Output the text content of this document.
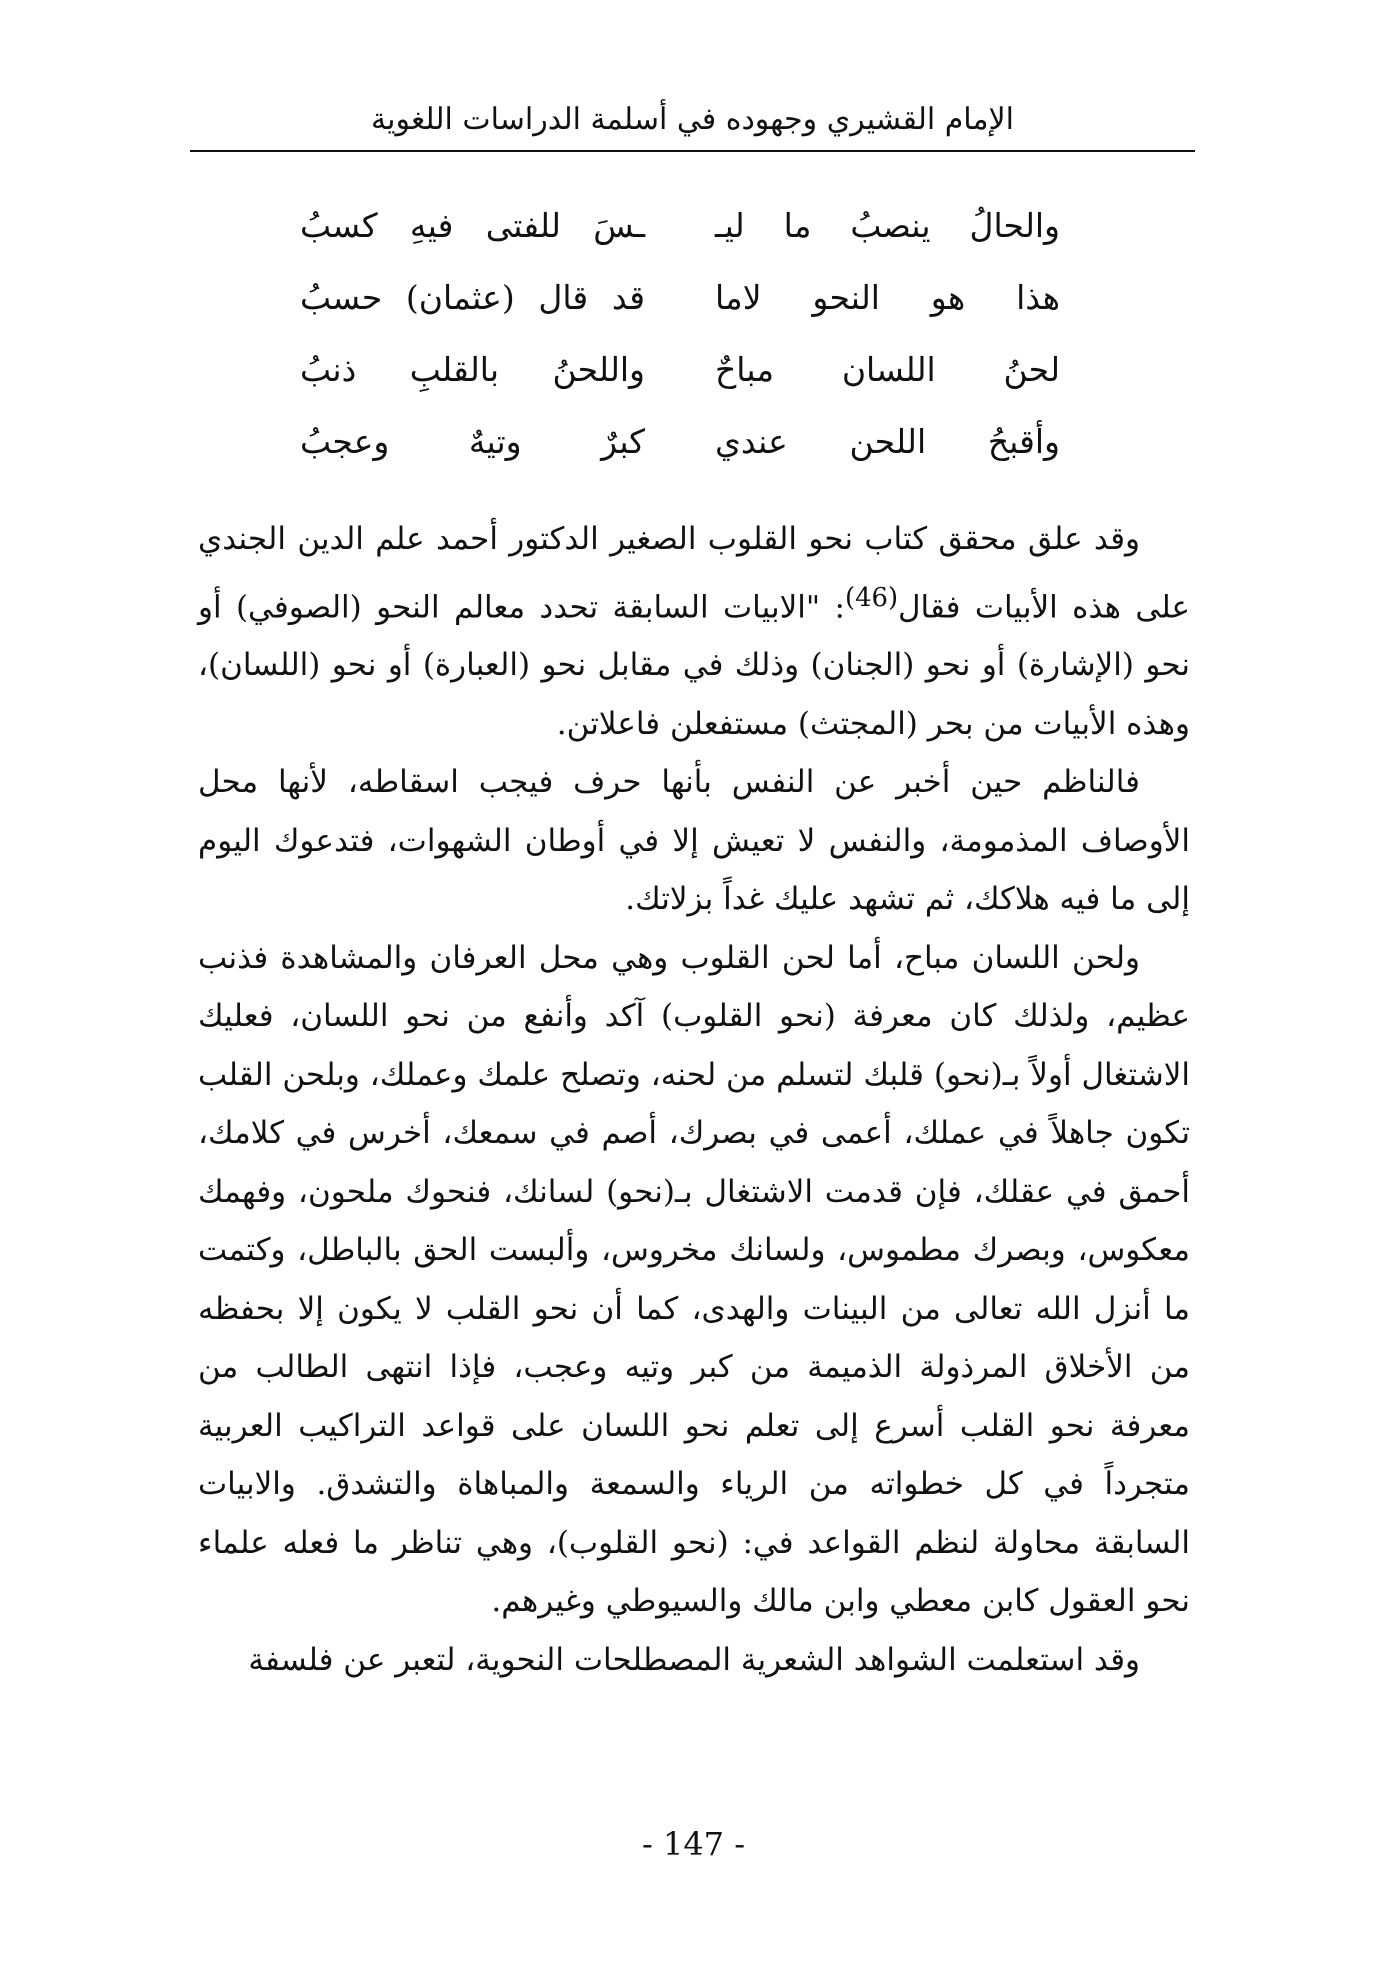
الإمام القشيري وجهوده في أسلمة الدراسات اللغوية
والحالُ ينصبُ ما ليـ
ـسَ للفتى فيهِ كسبُ
هذا هو النحو لاما
قد قال (عثمان) حسبُ
لحنُ اللسان مباحٌ
واللحنُ بالقلبِ ذنبُ
وأقبحُ اللحن عندي
كبرٌ وتيهٌ وعجبُ

وقد علق محقق كتاب نحو القلوب الصغير الدكتور أحمد علم الدين الجندي على هذه الأبيات فقال$^{(46)}$: "الابيات السابقة تحدد معالم النحو (الصوفي) أو نحو (الإشارة) أو نحو (الجنان) وذلك في مقابل نحو (العبارة) أو نحو (اللسان)، وهذه الأبيات من بحر (المجتث) مستفعلن فاعلاتن.

فالناظم حين أخبر عن النفس بأنها حرف فيجب اسقاطه، لأنها محل الأوصاف المذمومة، والنفس لا تعيش إلا في أوطان الشهوات، فتدعوك اليوم إلى ما فيه هلاكك، ثم تشهد عليك غداً بزلاتك.

ولحن اللسان مباح، أما لحن القلوب وهي محل العرفان والمشاهدة فذنب عظيم، ولذلك كان معرفة (نحو القلوب) آكد وأنفع من نحو اللسان، فعليك الاشتغال أولاً بـ(نحو) قلبك لتسلم من لحنه، وتصلح علمك وعملك، وبلحن القلب تكون جاهلاً في عملك، أعمى في بصرك، أصم في سمعك، أخرس في كلامك، أحمق في عقلك، فإن قدمت الاشتغال بـ(نحو) لسانك، فنحوك ملحون، وفهمك معكوس، وبصرك مطموس، ولسانك مخروس، وألبست الحق بالباطل، وكتمت ما أنزل الله تعالى من البينات والهدى، كما أن نحو القلب لا يكون إلا بحفظه من الأخلاق المرذولة الذميمة من كبر وتيه وعجب، فإذا انتهى الطالب من معرفة نحو القلب أسرع إلى تعلم نحو اللسان على قواعد التراكيب العربية متجرداً في كل خطواته من الرياء والسمعة والمباهاة والتشدق. والابيات السابقة محاولة لنظم القواعد في: (نحو القلوب)، وهي تناظر ما فعله علماء نحو العقول كابن معطي وابن مالك والسيوطي وغيرهم.

وقد استعلمت الشواهد الشعرية المصطلحات النحوية، لتعبر عن فلسفة

- 147 -
